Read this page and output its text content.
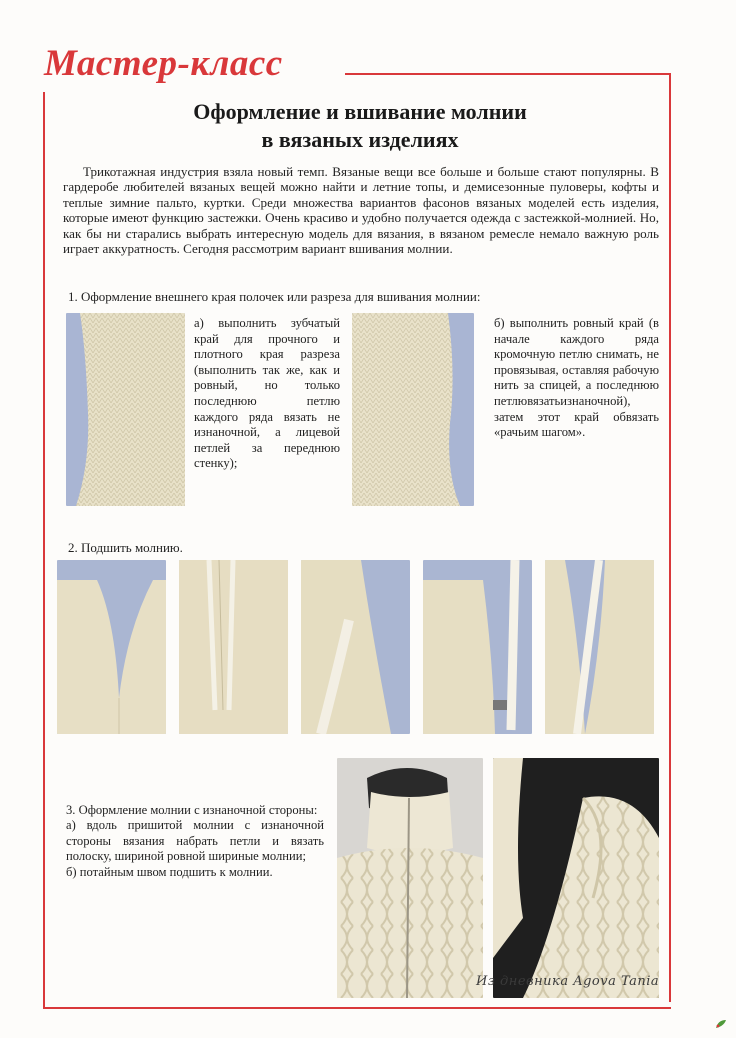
Мастер-класс
Оформление и вшивание молнии
в вязаных изделиях
Трикотажная индустрия взяла новый темп. Вязаные вещи все больше и больше стают популярны. В гардеробе любителей вязаных вещей можно найти и летние топы, и демисезонные пуловеры, кофты и теплые зимние пальто, куртки. Среди множества вариантов фасонов вязаных моделей есть изделия, которые имеют функцию застежки. Очень красиво и удобно получается одежда с застежкой-молнией. Но, как бы ни старались выбрать интересную модель для вязания, в вязаном ремесле немало важную роль играет аккуратность. Сегодня рассмотрим вариант вшивания молнии.
1. Оформление внешнего края полочек или разреза для вшивания молнии:

а) выполнить зубчатый край для прочного и плотного края разреза (выполнить так же, как и ровный, но только последнюю петлю каждого ряда вязать не изнаночной, а лицевой петлей за переднюю стенку);

б) выполнить ровный край (в начале каждого ряда кромочную петлю снимать, не провязывая, оставляя рабочую нить за спицей, а последнюю петлювязатьизнаночной), затем этот край обвязать «рачьим шагом».

2. Подшить молнию.

3. Оформление молнии с изнаночной стороны:

а) вдоль пришитой молнии с изнаночной стороны вязания набрать петли и вязать полоску, шириной ровной шириные молнии;

б) потайным швом подшить к молнии.

Из дневника Agova Tania
